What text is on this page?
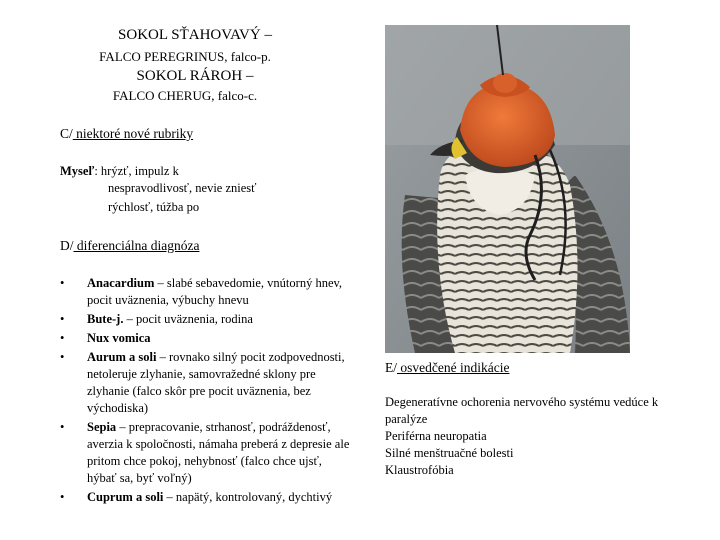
SOKOL SŤAHOVAVÝ –
FALCO PEREGRINUS, falco-p.
SOKOL RÁROH –
FALCO CHERUG, falco-c.
C/ niektoré nové rubriky
Myseľ: hrýzť, impulz k
nespravodlivosť, nevie zniesť
rýchlosť, túžba po
D/ diferenciálna diagnóza
• Anacardium – slabé sebavedomie, vnútorný hnev, pocit uväznenia, výbuchy hnevu
• Bute-j. – pocit uväznenia, rodina
• Nux vomica
• Aurum a soli – rovnako silný pocit zodpovednosti, netoleruje zlyhanie, samovražedné sklony pre zlyhanie (falco skôr pre pocit uväznenia, bez východiska)
• Sepia – prepracovanie, strhanosť, podráždenosť, averzia k spoločnosti, námaha preberá z depresie ale pritom chce pokoj, nehybnosť (falco chce ujsť, hýbať sa, byť voľný)
• Cuprum a soli – napätý, kontrolovaný, dychtivý
E/ osvedčené indikácie
Degeneratívne ochorenia nervového systému vedúce k paralýze
Periférna neuropatia
Silné menštruačné bolesti
Klaustrofóbia
